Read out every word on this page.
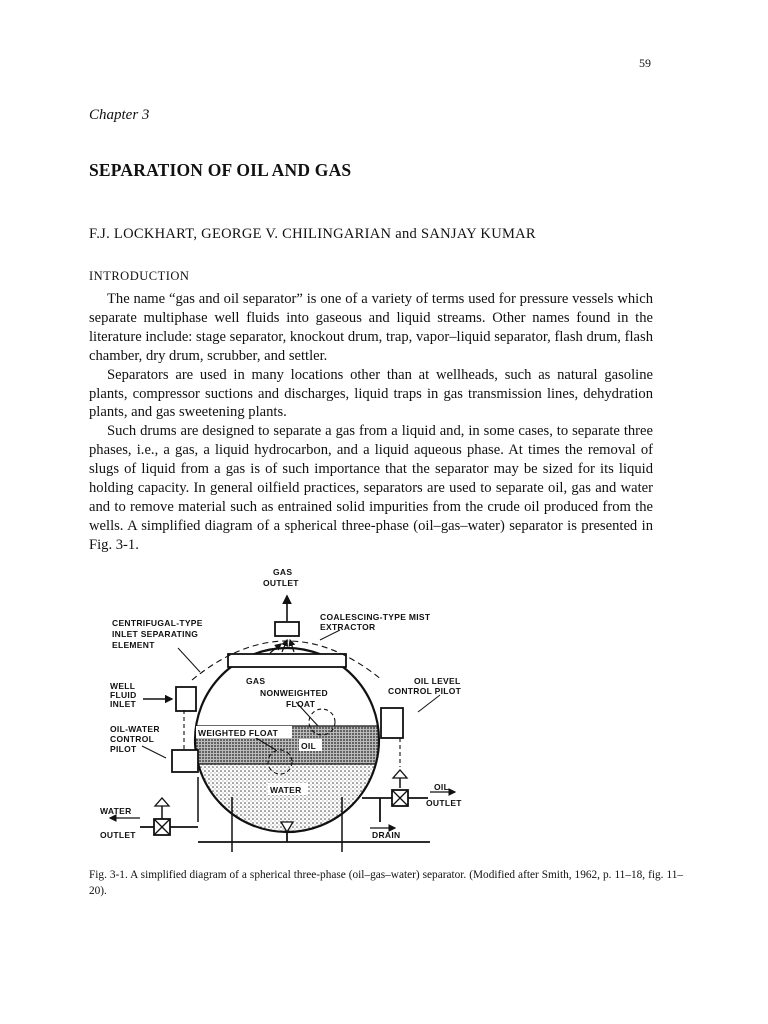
59
Chapter 3
SEPARATION OF OIL AND GAS
F.J. LOCKHART, GEORGE V. CHILINGARIAN and SANJAY KUMAR
INTRODUCTION

The name “gas and oil separator” is one of a variety of terms used for pressure vessels which separate multiphase well fluids into gaseous and liquid streams. Other names found in the literature include: stage separator, knockout drum, trap, vapor–liquid separator, flash drum, flash chamber, dry drum, scrubber, and settler.

Separators are used in many locations other than at wellheads, such as natural gasoline plants, compressor suctions and discharges, liquid traps in gas transmission lines, dehydration plants, and gas sweetening plants.

Such drums are designed to separate a gas from a liquid and, in some cases, to separate three phases, i.e., a gas, a liquid hydrocarbon, and a liquid aqueous phase. At times the removal of slugs of liquid from a gas is of such importance that the separator may be sized for its liquid holding capacity. In general oilfield practices, separators are used to separate oil, gas and water and to remove material such as entrained solid impurities from the crude oil produced from the wells. A simplified diagram of a spherical three-phase (oil–gas–water) separator is presented in Fig. 3-1.

GAS
OUTLET
COALESCING-TYPE MIST
EXTRACTOR
CENTRIFUGAL-TYPE
INLET SEPARATING
ELEMENT
WELL
FLUID
INLET
GAS
NONWEIGHTED
FLOAT
OIL LEVEL
CONTROL PILOT
OIL-WATER
CONTROL
PILOT
WEIGHTED FLOAT
OIL
WATER	OIL
OUTLET
WATER
OUTLET	DRAIN
Fig. 3-1. A simplified diagram of a spherical three-phase (oil–gas–water) separator. (Modified after Smith, 1962, p. 11–18, fig. 11–20).
